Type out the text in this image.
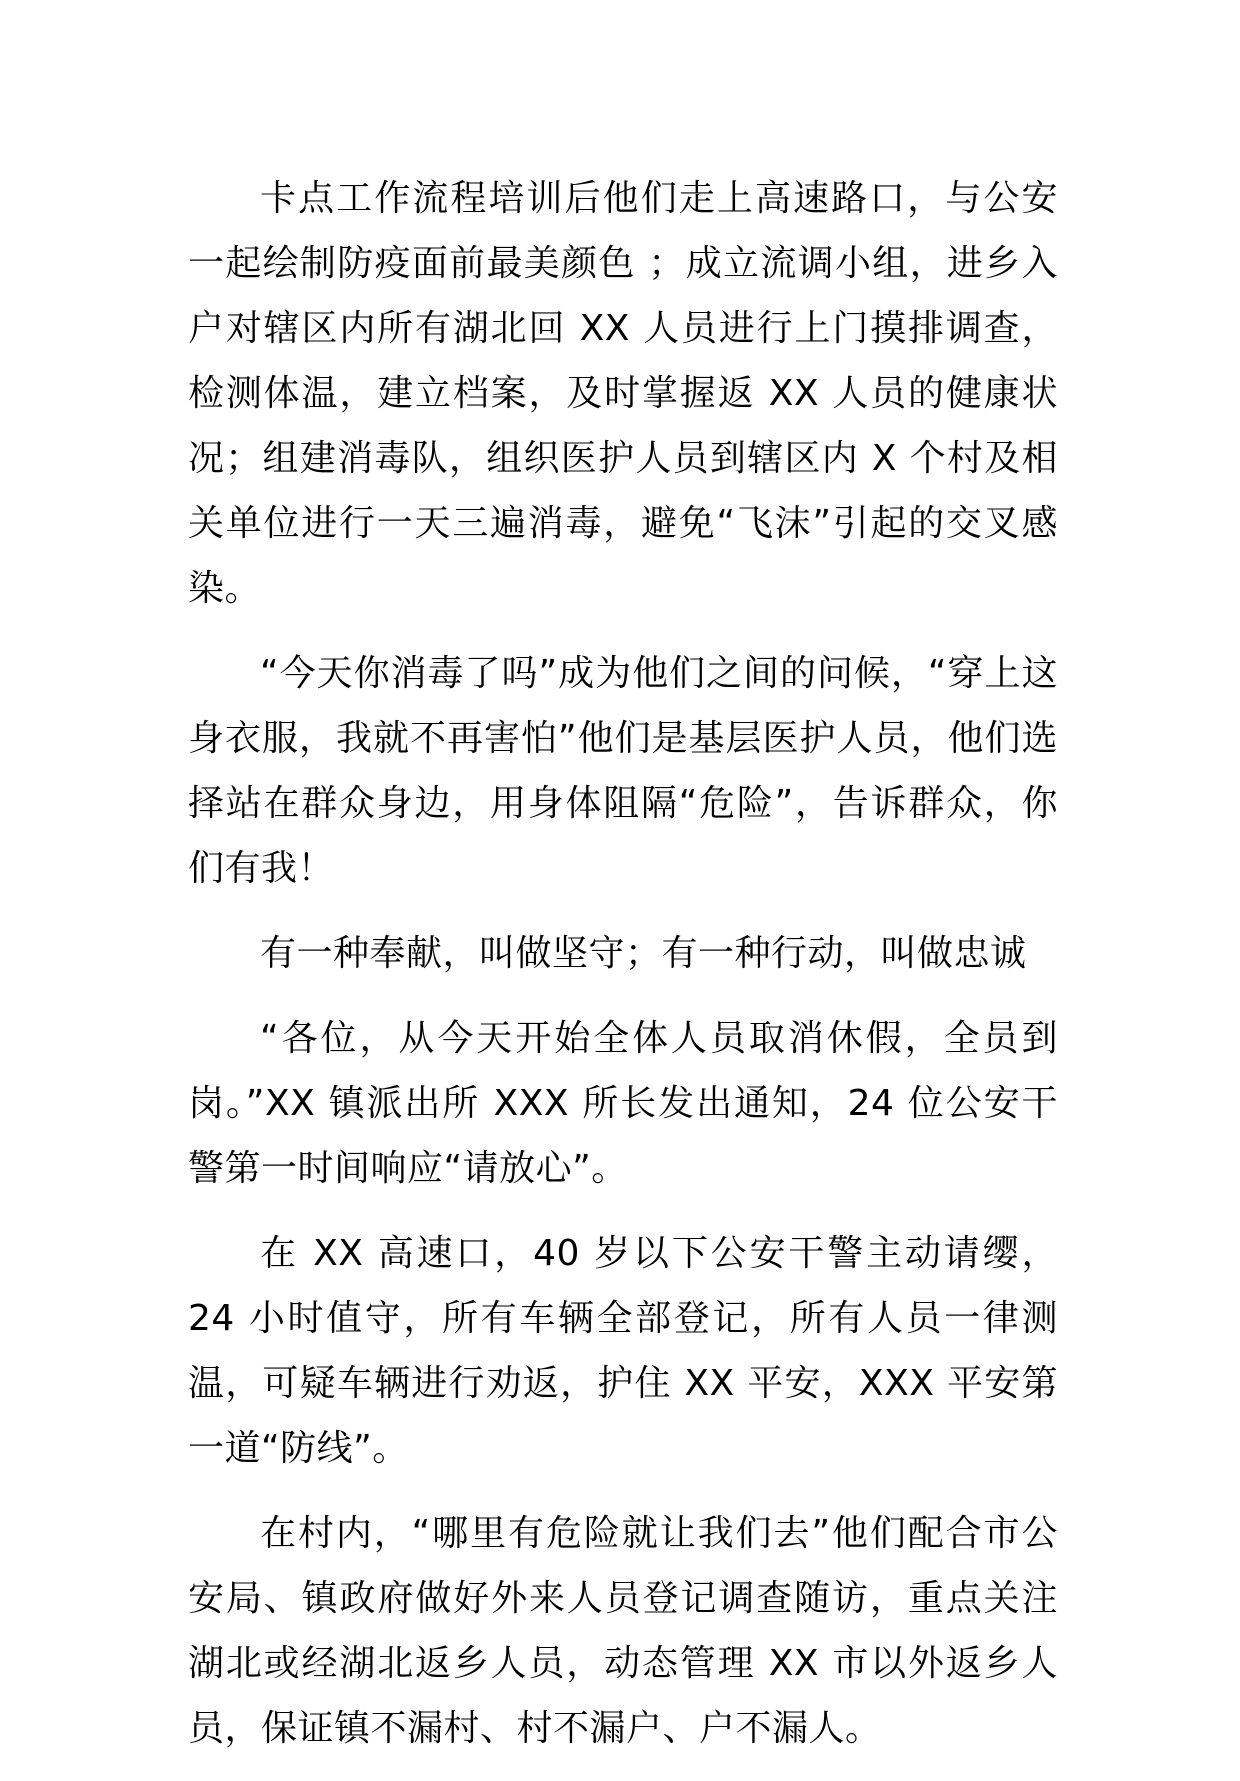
卡点工作流程培训后他们走上高速路口，与公安一起绘制防疫面前最美颜色 ；成立流调小组，进乡入户对辖区内所有湖北回 XX 人员进行上门摸排调查，检测体温，建立档案，及时掌握返 XX 人员的健康状况；组建消毒队，组织医护人员到辖区内 X 个村及相关单位进行一天三遍消毒，避免“飞沫”引起的交叉感染。

“今天你消毒了吗”成为他们之间的问候，“穿上这身衣服，我就不再害怕”他们是基层医护人员，他们选择站在群众身边，用身体阻隔“危险”，告诉群众，你们有我！

有一种奉献，叫做坚守；有一种行动，叫做忠诚

“各位，从今天开始全体人员取消休假，全员到岗。”XX 镇派出所 XXX 所长发出通知，24 位公安干警第一时间响应“请放心”。

在 XX 高速口，40 岁以下公安干警主动请缨，24 小时值守，所有车辆全部登记，所有人员一律测温，可疑车辆进行劝返，护住 XX 平安，XXX 平安第一道“防线”。

在村内，“哪里有危险就让我们去”他们配合市公安局、镇政府做好外来人员登记调查随访，重点关注湖北或经湖北返乡人员，动态管理 XX 市以外返乡人员，保证镇不漏村、村不漏户、户不漏人。
